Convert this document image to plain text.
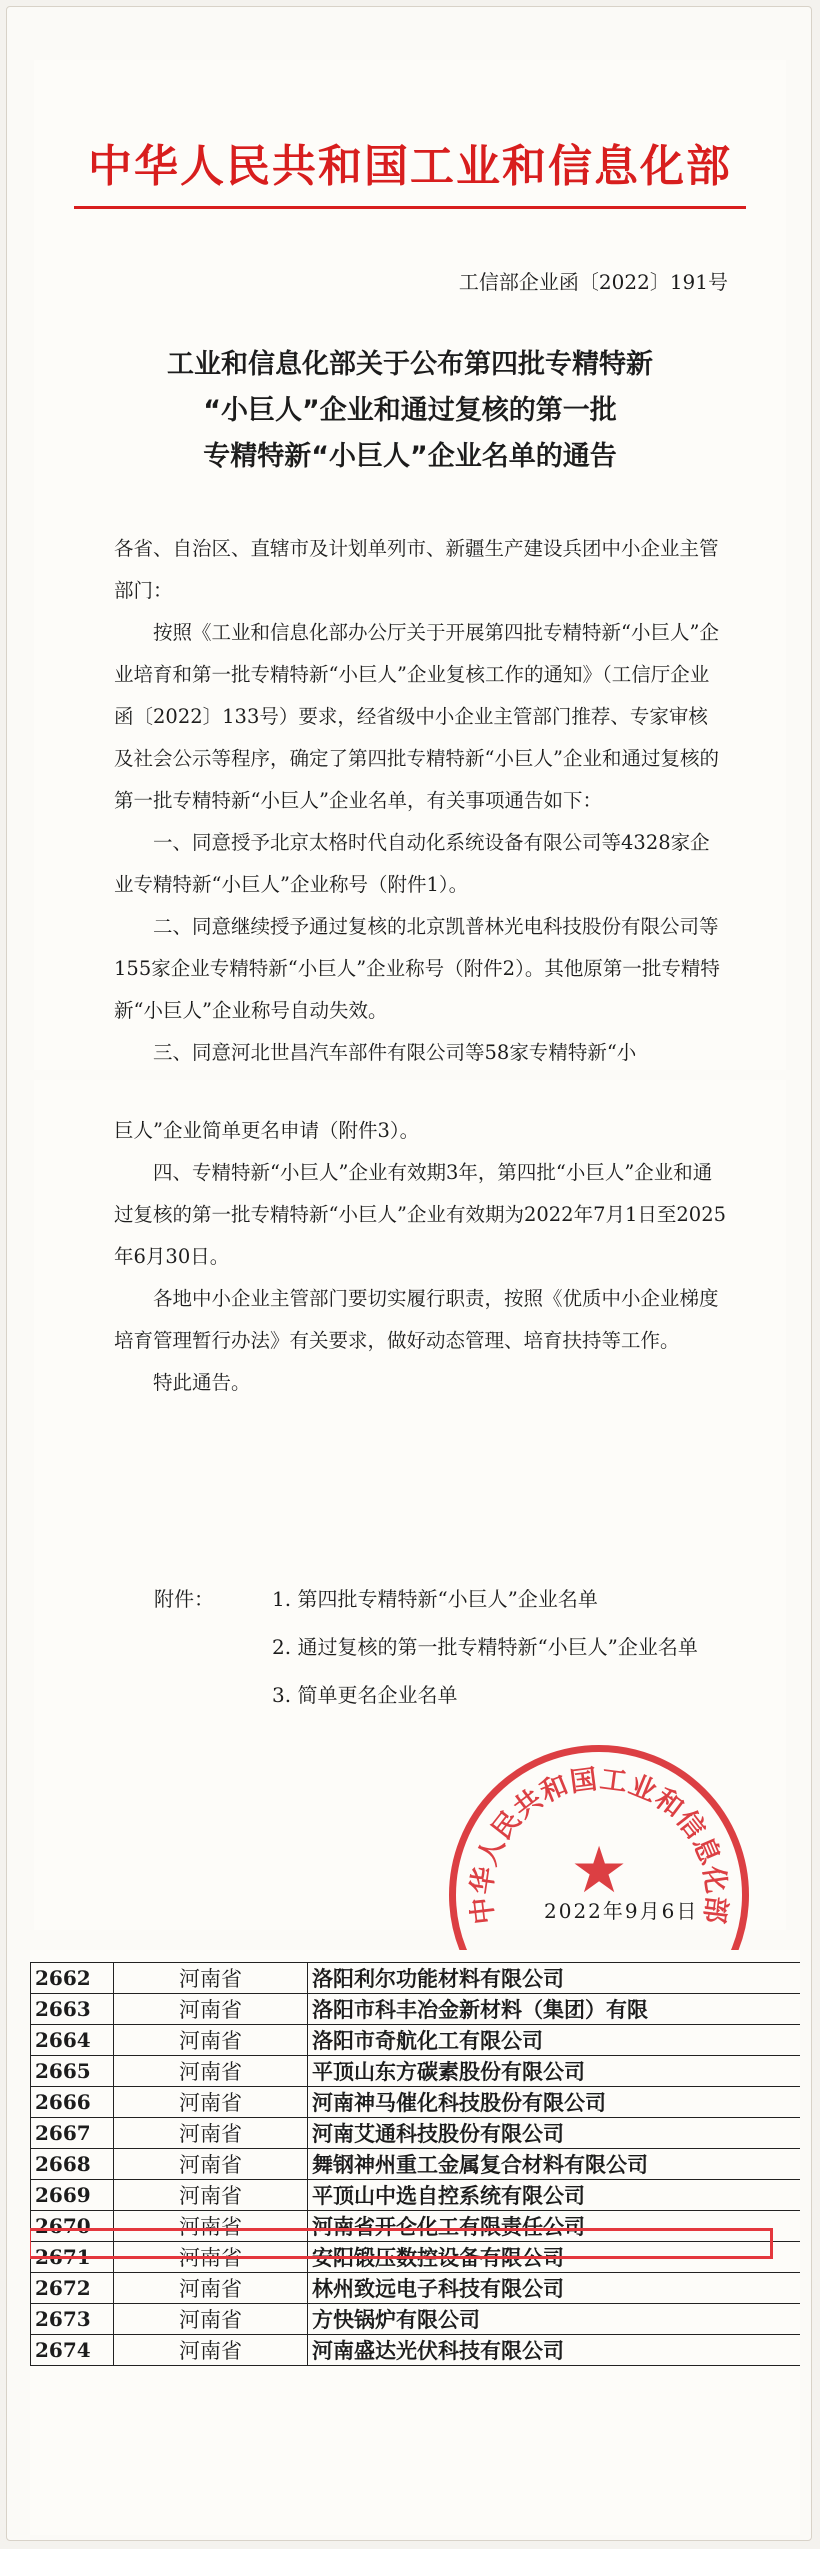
中华人民共和国工业和信息化部
工信部企业函〔2022〕191号
工业和信息化部关于公布第四批专精特新
“小巨人”企业和通过复核的第一批
专精特新“小巨人”企业名单的通告

各省、自治区、直辖市及计划单列市、新疆生产建设兵团中小企业主管部门：

按照《工业和信息化部办公厅关于开展第四批专精特新“小巨人”企业培育和第一批专精特新“小巨人”企业复核工作的通知》（工信厅企业函〔2022〕133号）要求，经省级中小企业主管部门推荐、专家审核及社会公示等程序，确定了第四批专精特新“小巨人”企业和通过复核的第一批专精特新“小巨人”企业名单，有关事项通告如下：

一、同意授予北京太格时代自动化系统设备有限公司等4328家企业专精特新“小巨人”企业称号（附件1）。

二、同意继续授予通过复核的北京凯普林光电科技股份有限公司等155家企业专精特新“小巨人”企业称号（附件2）。其他原第一批专精特新“小巨人”企业称号自动失效。

三、同意河北世昌汽车部件有限公司等58家专精特新“小

巨人”企业简单更名申请（附件3）。

四、专精特新“小巨人”企业有效期3年，第四批“小巨人”企业和通过复核的第一批专精特新“小巨人”企业有效期为2022年7月1日至2025年6月30日。

各地中小企业主管部门要切实履行职责，按照《优质中小企业梯度培育管理暂行办法》有关要求，做好动态管理、培育扶持等工作。

特此通告。

附件：	1. 第四批专精特新“小巨人”企业名单
2. 通过复核的第一批专精特新“小巨人”企业名单
3. 简单更名企业名单
中华人民共和国工业和信息化部
★
2022年9月6日
2662	河南省	洛阳利尔功能材料有限公司
2663	河南省	洛阳市科丰冶金新材料（集团）有限
2664	河南省	洛阳市奇航化工有限公司
2665	河南省	平顶山东方碳素股份有限公司
2666	河南省	河南神马催化科技股份有限公司
2667	河南省	河南艾通科技股份有限公司
2668	河南省	舞钢神州重工金属复合材料有限公司
2669	河南省	平顶山中选自控系统有限公司
2670	河南省	河南省开仑化工有限责任公司
2671	河南省	安阳锻压数控设备有限公司
2672	河南省	林州致远电子科技有限公司
2673	河南省	方快锅炉有限公司
2674	河南省	河南盛达光伏科技有限公司
